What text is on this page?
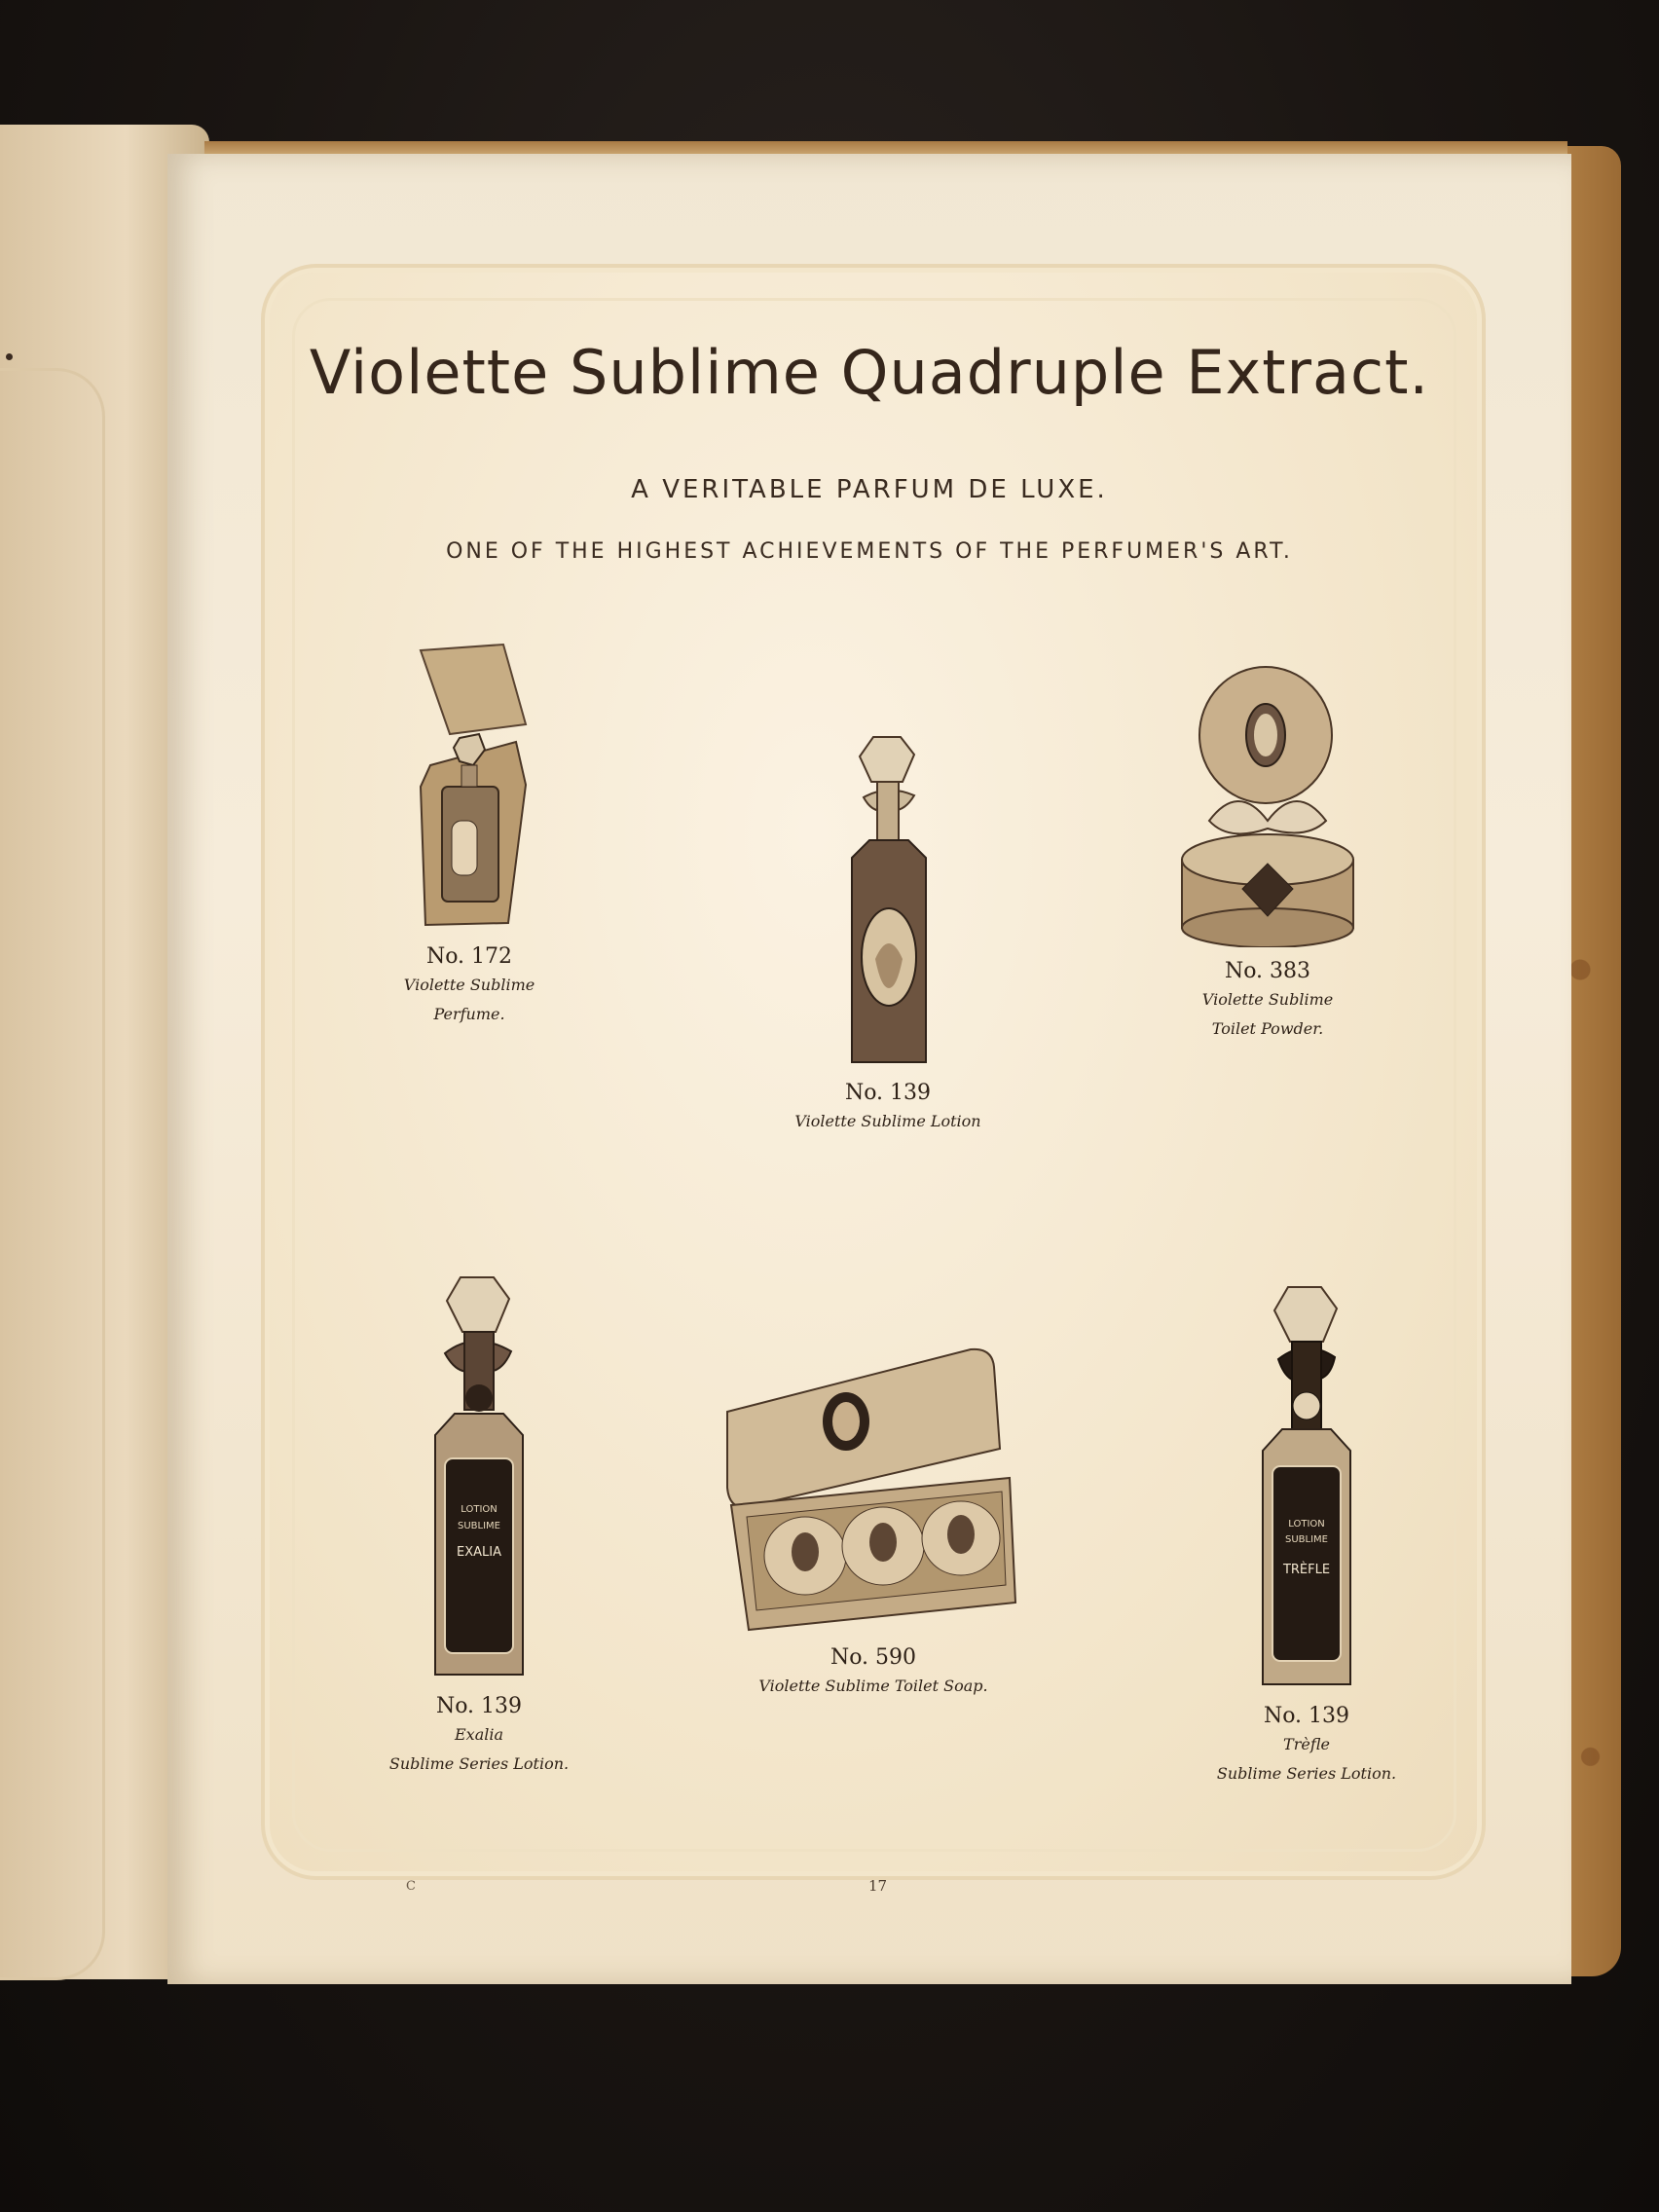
Violette Sublime Quadruple Extract.
A VERITABLE PARFUM DE LUXE.
ONE OF THE HIGHEST ACHIEVEMENTS OF THE PERFUMER'S ART.
No. 172
Violette Sublime
Perfume.
No. 139
Violette Sublime Lotion
No. 383
Violette Sublime
Toilet Powder.
LOTION
SUBLIME
EXALIA
No. 139
Exalia
Sublime Series Lotion.
No. 590
Violette Sublime Toilet Soap.
LOTION
SUBLIME
TRÈFLE
No. 139
Trèfle
Sublime Series Lotion.
C	17
